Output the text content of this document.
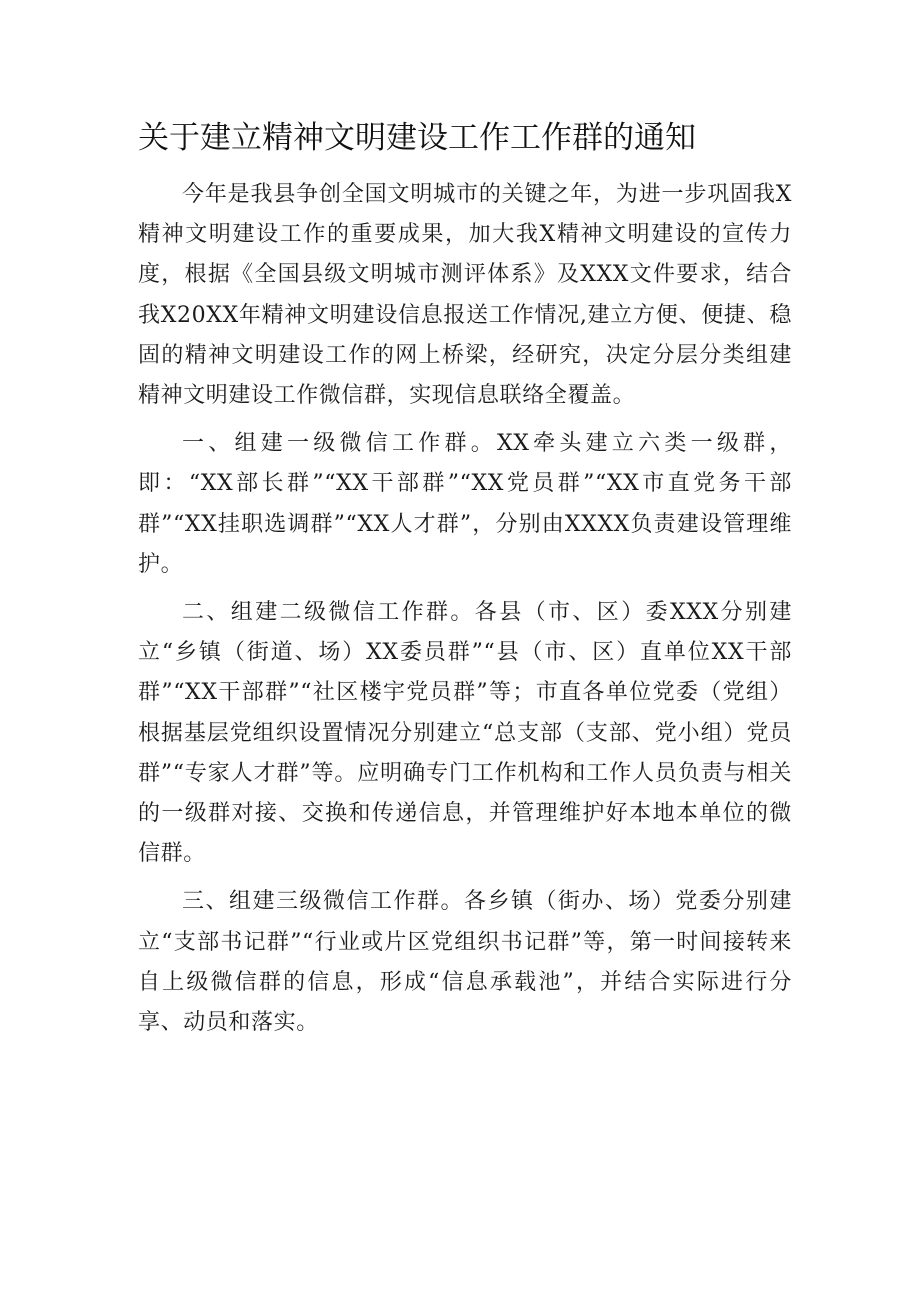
关于建立精神文明建设工作工作群的通知

今年是我县争创全国文明城市的关键之年，为进一步巩固我X精神文明建设工作的重要成果，加大我X精神文明建设的宣传力度，根据《全国县级文明城市测评体系》及XXX文件要求，结合我X20XX年精神文明建设信息报送工作情况,建立方便、便捷、稳固的精神文明建设工作的网上桥梁，经研究，决定分层分类组建精神文明建设工作微信群，实现信息联络全覆盖。

一、组建一级微信工作群。XX牵头建立六类一级群，即：“XX部长群”“XX干部群”“XX党员群”“XX市直党务干部群”“XX挂职选调群”“XX人才群”，分别由XXXX负责建设管理维护。

二、组建二级微信工作群。各县（市、区）委XXX分别建立“乡镇（街道、场）XX委员群”“县（市、区）直单位XX干部群”“XX干部群”“社区楼宇党员群”等；市直各单位党委（党组）根据基层党组织设置情况分别建立“总支部（支部、党小组）党员群”“专家人才群”等。应明确专门工作机构和工作人员负责与相关的一级群对接、交换和传递信息，并管理维护好本地本单位的微信群。

三、组建三级微信工作群。各乡镇（街办、场）党委分别建立“支部书记群”“行业或片区党组织书记群”等，第一时间接转来自上级微信群的信息，形成“信息承载池”，并结合实际进行分享、动员和落实。
